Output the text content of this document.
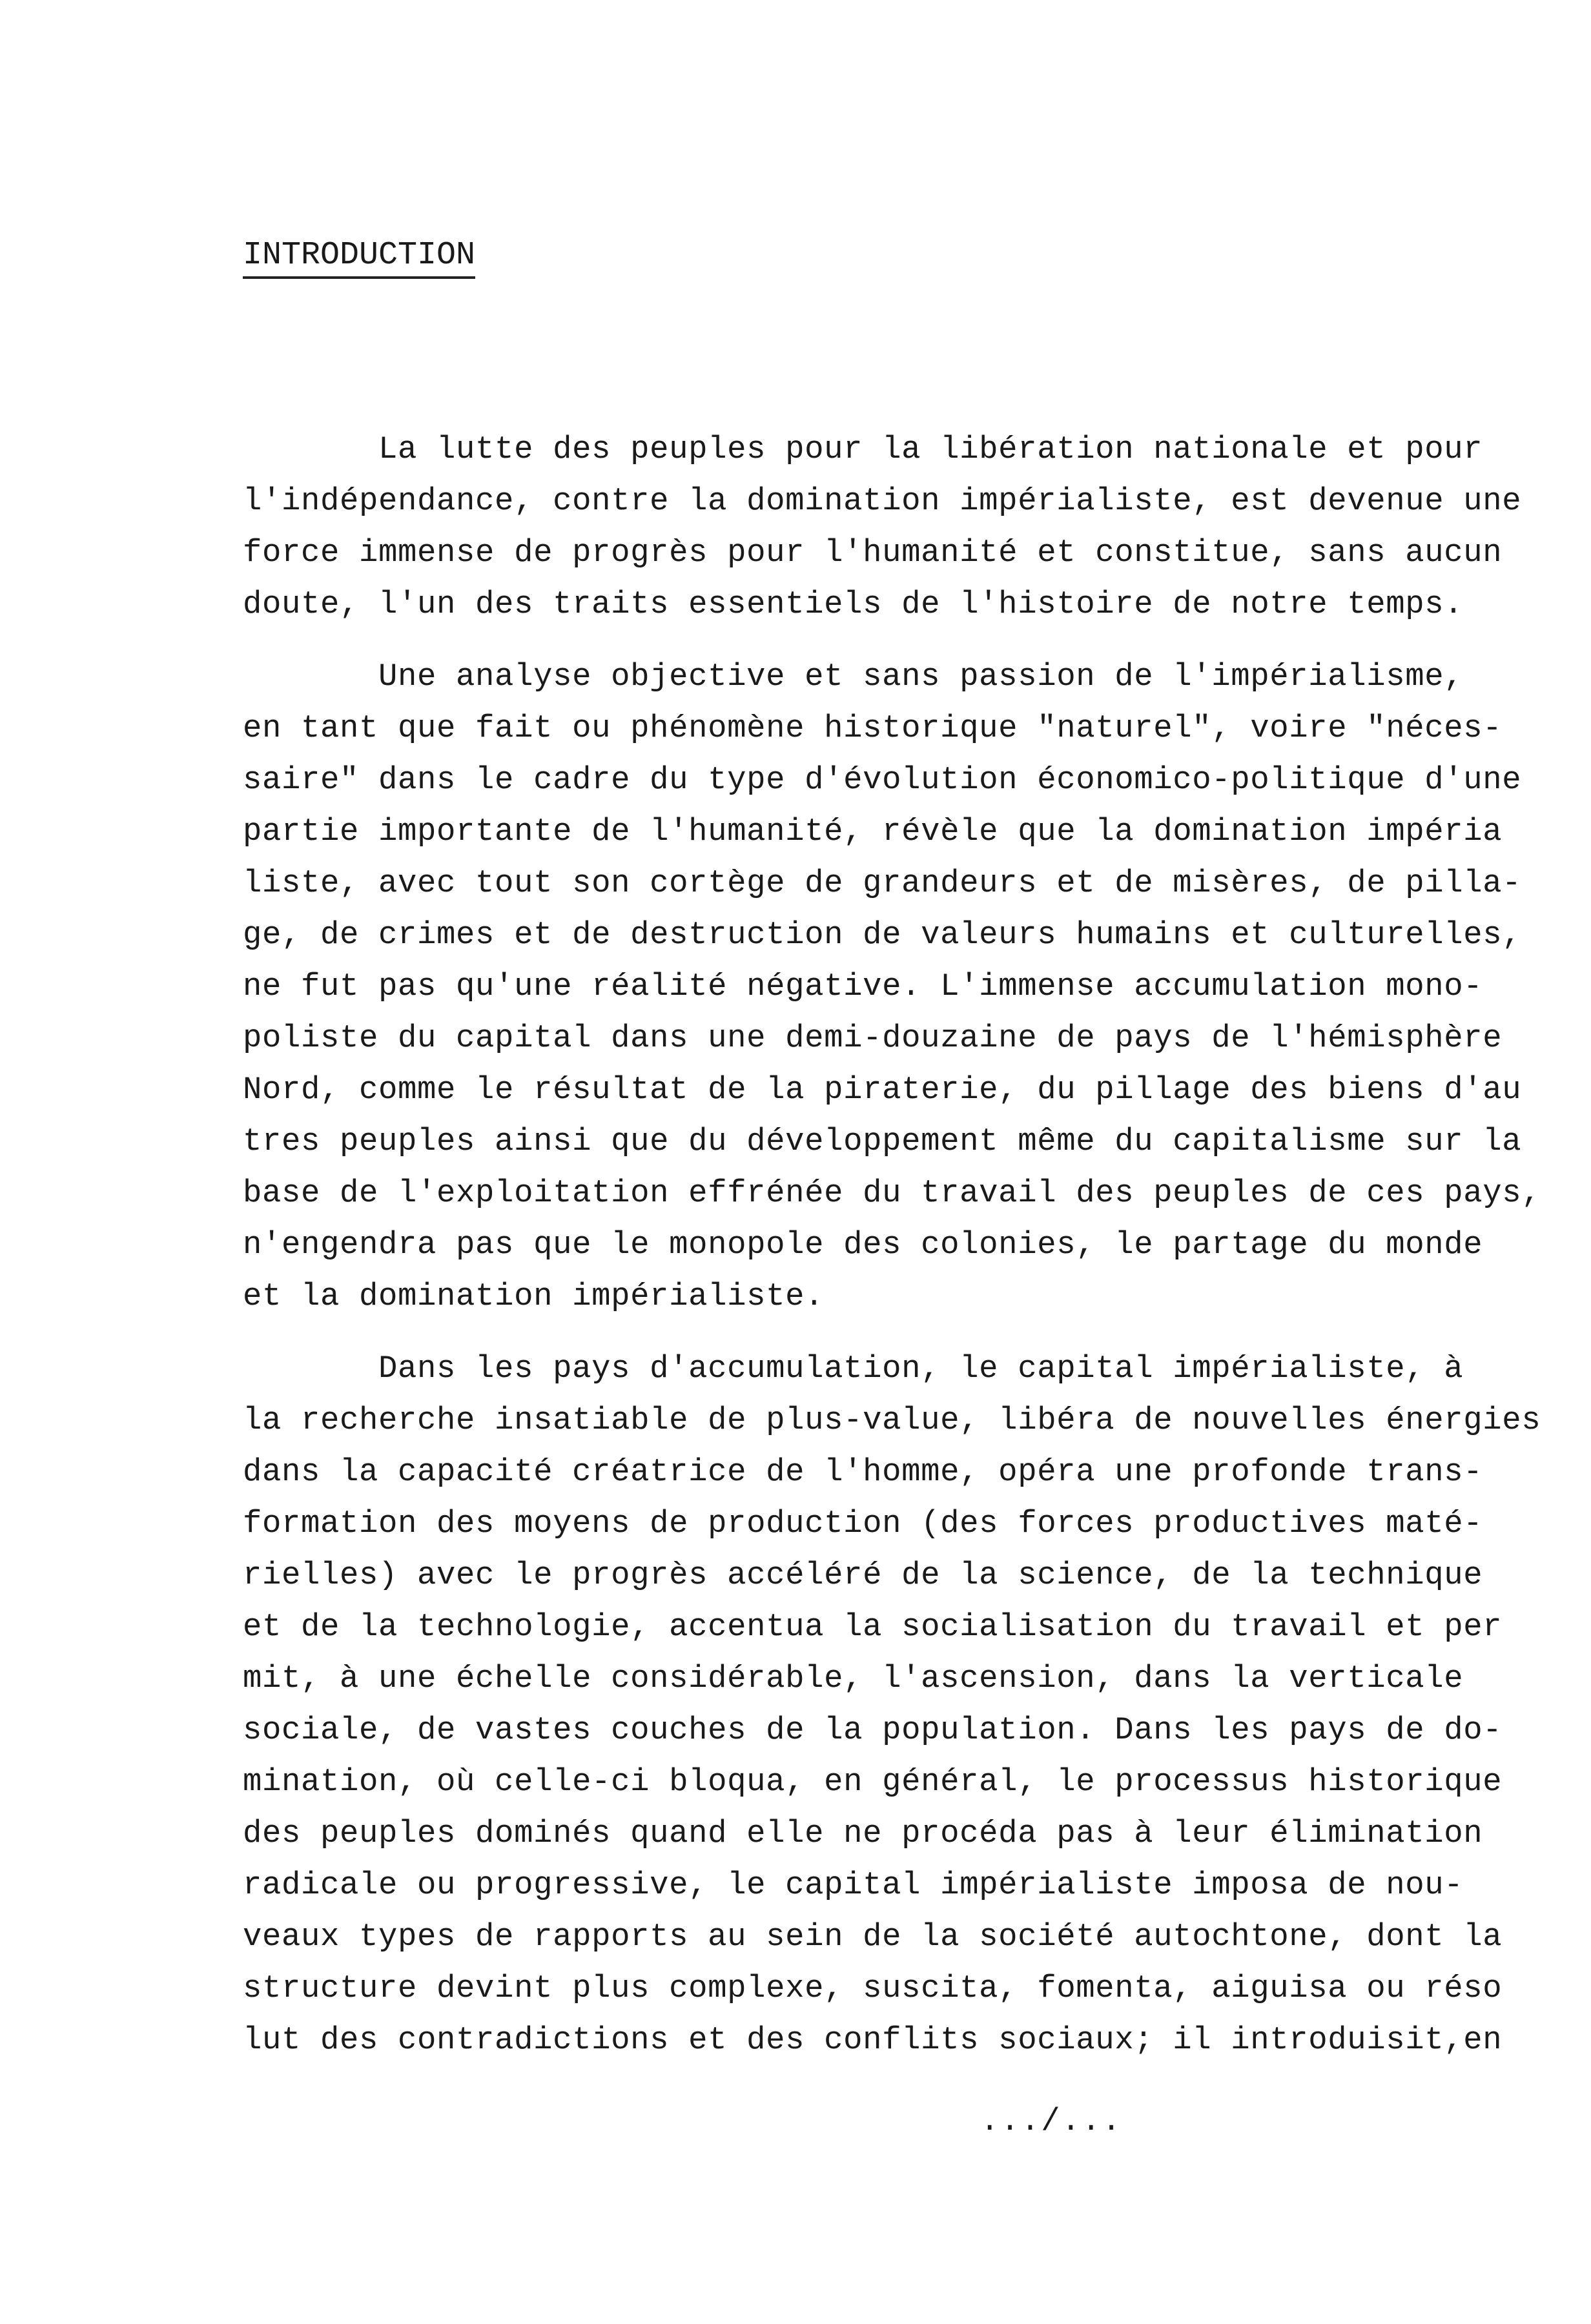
INTRODUCTION
La lutte des peuples pour la libération nationale et pour
l'indépendance, contre la domination impérialiste, est devenue une
force immense de progrès pour l'humanité et constitue, sans aucun
doute, l'un des traits essentiels de l'histoire de notre temps.
Une analyse objective et sans passion de l'impérialisme,
en tant que fait ou phénomène historique "naturel", voire "néces-
saire" dans le cadre du type d'évolution économico-politique d'une
partie importante de l'humanité, révèle que la domination impéria
liste, avec tout son cortège de grandeurs et de misères, de pilla-
ge, de crimes et de destruction de valeurs humains et culturelles,
ne fut pas qu'une réalité négative. L'immense accumulation mono-
poliste du capital dans une demi-douzaine de pays de l'hémisphère
Nord, comme le résultat de la piraterie, du pillage des biens d'au
tres peuples ainsi que du développement même du capitalisme sur la
base de l'exploitation effrénée du travail des peuples de ces pays,
n'engendra pas que le monopole des colonies, le partage du monde
et la domination impérialiste.
Dans les pays d'accumulation, le capital impérialiste, à
la recherche insatiable de plus-value, libéra de nouvelles énergies
dans la capacité créatrice de l'homme, opéra une profonde trans-
formation des moyens de production (des forces productives maté-
rielles) avec le progrès accéléré de la science, de la technique
et de la technologie, accentua la socialisation du travail et per
mit, à une échelle considérable, l'ascension, dans la verticale
sociale, de vastes couches de la population. Dans les pays de do-
mination, où celle-ci bloqua, en général, le processus historique
des peuples dominés quand elle ne procéda pas à leur élimination
radicale ou progressive, le capital impérialiste imposa de nou-
veaux types de rapports au sein de la société autochtone, dont la
structure devint plus complexe, suscita, fomenta, aiguisa ou réso
lut des contradictions et des conflits sociaux; il introduisit,en
.../...
